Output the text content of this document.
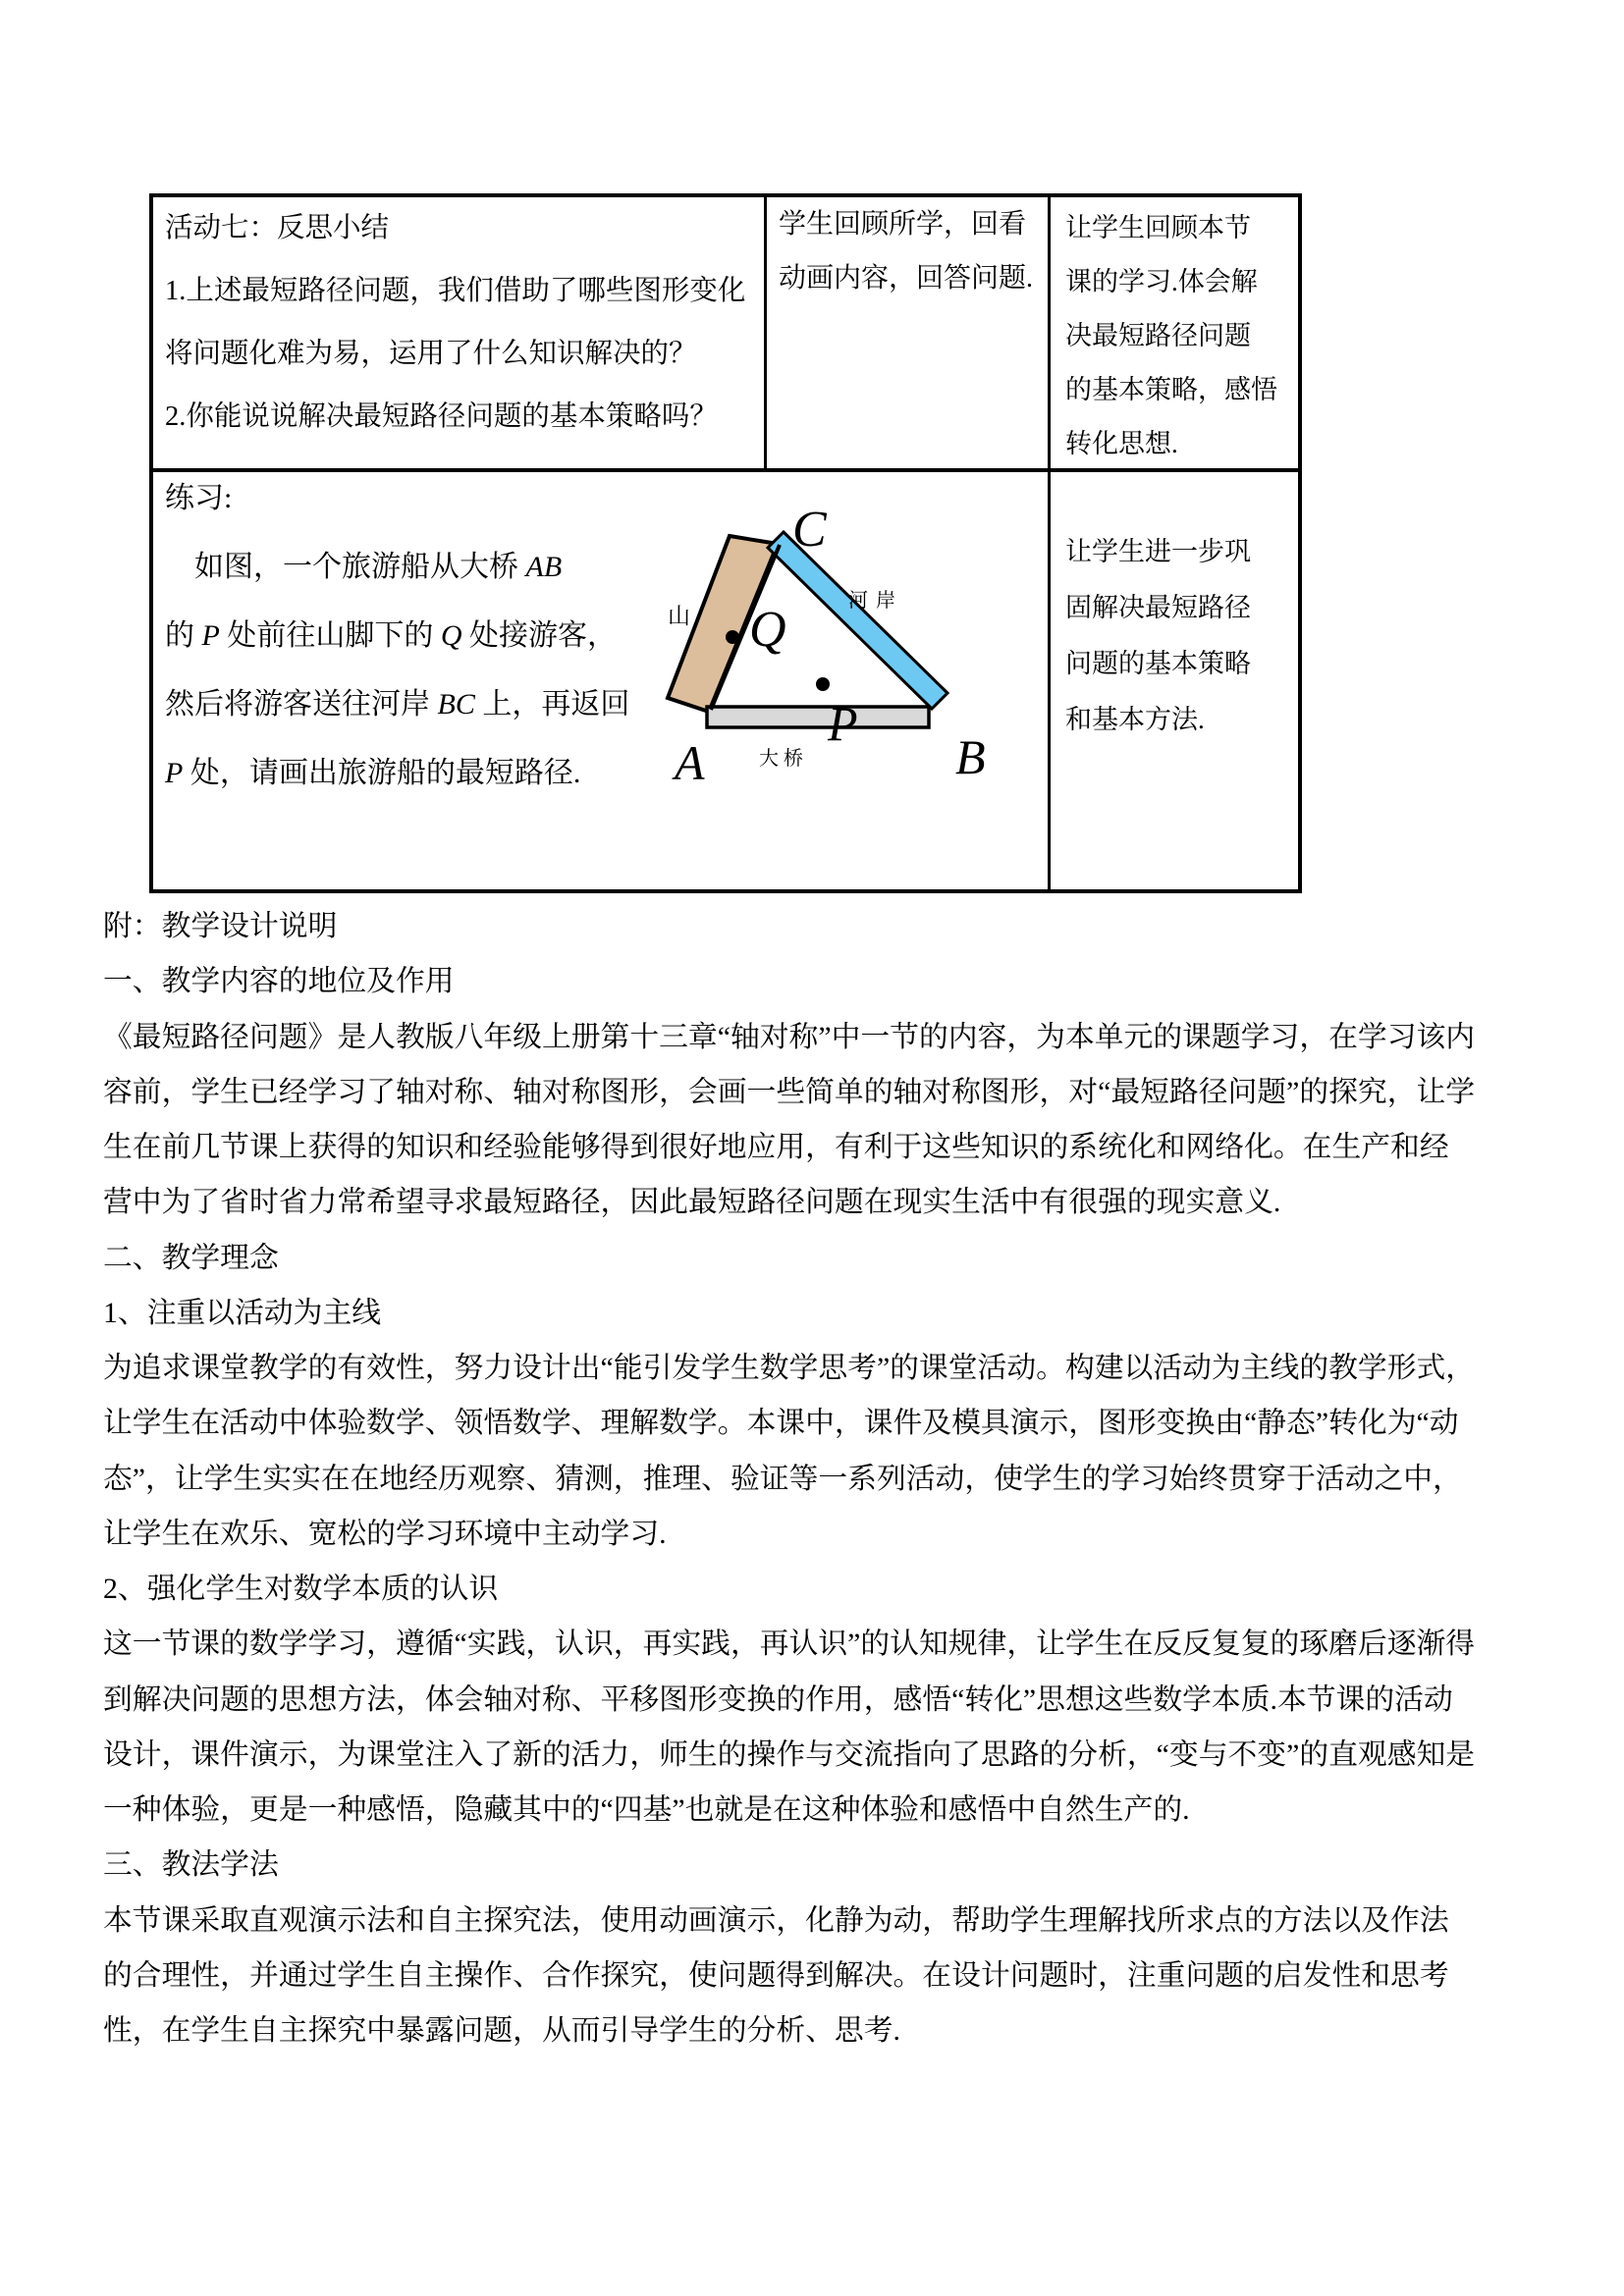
活动七：反思小结
1.上述最短路径问题，我们借助了哪些图形变化
将问题化难为易，运用了什么知识解决的？
2.你能说说解决最短路径问题的基本策略吗？
学生回顾所学，回看
动画内容，回答问题.
让学生回顾本节
课的学习.体会解
决最短路径问题
的基本策略，感悟
转化思想.
练习:
　如图，一个旅游船从大桥 AB
的 P 处前往山脚下的 Q 处接游客，
然后将游客送往河岸 BC 上，再返回
P 处，请画出旅游船的最短路径.
让学生进一步巩
固解决最短路径
问题的基本策略
和基本方法.
C
Q
P
A	B
山
河岸
大桥
附：教学设计说明
一、教学内容的地位及作用
《最短路径问题》是人教版八年级上册第十三章“轴对称”中一节的内容，为本单元的课题学习，在学习该内
容前，学生已经学习了轴对称、轴对称图形，会画一些简单的轴对称图形，对“最短路径问题”的探究，让学
生在前几节课上获得的知识和经验能够得到很好地应用，有利于这些知识的系统化和网络化。在生产和经
营中为了省时省力常希望寻求最短路径，因此最短路径问题在现实生活中有很强的现实意义.
二、教学理念
1、注重以活动为主线
为追求课堂教学的有效性，努力设计出“能引发学生数学思考”的课堂活动。构建以活动为主线的教学形式，
让学生在活动中体验数学、领悟数学、理解数学。本课中，课件及模具演示，图形变换由“静态”转化为“动
态”，让学生实实在在地经历观察、猜测，推理、验证等一系列活动，使学生的学习始终贯穿于活动之中，
让学生在欢乐、宽松的学习环境中主动学习.
2、强化学生对数学本质的认识
这一节课的数学学习，遵循“实践，认识，再实践，再认识”的认知规律，让学生在反反复复的琢磨后逐渐得
到解决问题的思想方法，体会轴对称、平移图形变换的作用，感悟“转化”思想这些数学本质.本节课的活动
设计，课件演示，为课堂注入了新的活力，师生的操作与交流指向了思路的分析，“变与不变”的直观感知是
一种体验，更是一种感悟，隐藏其中的“四基”也就是在这种体验和感悟中自然生产的.
三、教法学法
本节课采取直观演示法和自主探究法，使用动画演示，化静为动，帮助学生理解找所求点的方法以及作法
的合理性，并通过学生自主操作、合作探究，使问题得到解决。在设计问题时，注重问题的启发性和思考
性，在学生自主探究中暴露问题，从而引导学生的分析、思考.
